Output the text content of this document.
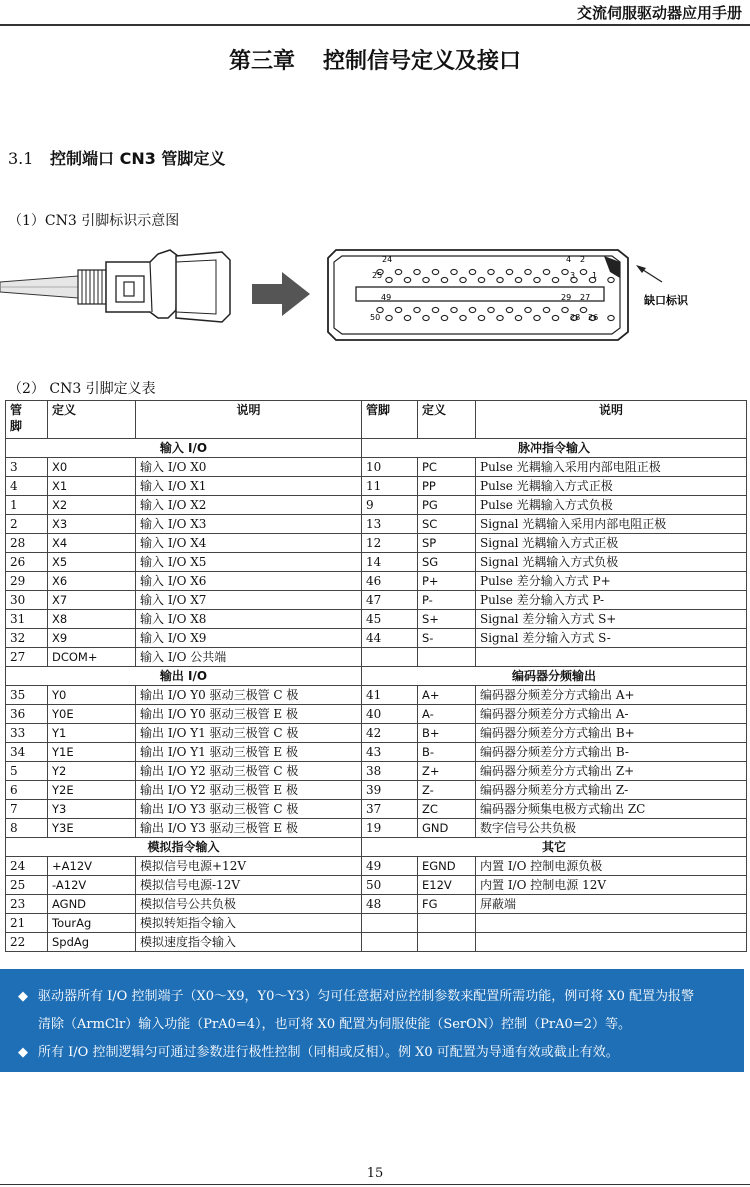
交流伺服驱动器应用手册
第三章 控制信号定义及接口
3.1 控制端口 CN3 管脚定义
（1）CN3 引脚标识示意图
24	4 2
25	3 1
49	29 27
50	28 26
缺口标识
（2） CN3 引脚定义表
管
脚	定义	说明	管脚	定义	说明
输入 I/O			脉冲指令输入		
3	X0	输入 I/O X0	10	PC	Pulse 光耦输入采用内部电阻正极
4	X1	输入 I/O X1	11	PP	Pulse 光耦输入方式正极
1	X2	输入 I/O X2	9	PG	Pulse 光耦输入方式负极
2	X3	输入 I/O X3	13	SC	Signal 光耦输入采用内部电阻正极
28	X4	输入 I/O X4	12	SP	Signal 光耦输入方式正极
26	X5	输入 I/O X5	14	SG	Signal 光耦输入方式负极
29	X6	输入 I/O X6	46	P+	Pulse 差分输入方式 P+
30	X7	输入 I/O X7	47	P-	Pulse 差分输入方式 P-
31	X8	输入 I/O X8	45	S+	Signal 差分输入方式 S+
32	X9	输入 I/O X9	44	S-	Signal 差分输入方式 S-
27	DCOM+	输入 I/O 公共端			
输出 I/O			编码器分频输出		
35	Y0	输出 I/O Y0 驱动三极管 C 极	41	A+	编码器分频差分方式输出 A+
36	Y0E	输出 I/O Y0 驱动三极管 E 极	40	A-	编码器分频差分方式输出 A-
33	Y1	输出 I/O Y1 驱动三极管 C 极	42	B+	编码器分频差分方式输出 B+
34	Y1E	输出 I/O Y1 驱动三极管 E 极	43	B-	编码器分频差分方式输出 B-
5	Y2	输出 I/O Y2 驱动三极管 C 极	38	Z+	编码器分频差分方式输出 Z+
6	Y2E	输出 I/O Y2 驱动三极管 E 极	39	Z-	编码器分频差分方式输出 Z-
7	Y3	输出 I/O Y3 驱动三极管 C 极	37	ZC	编码器分频集电极方式输出 ZC
8	Y3E	输出 I/O Y3 驱动三极管 E 极	19	GND	数字信号公共负极
模拟指令输入			其它		
24	+A12V	模拟信号电源+12V	49	EGND	内置 I/O 控制电源负极
25	-A12V	模拟信号电源-12V	50	E12V	内置 I/O 控制电源 12V
23	AGND	模拟信号公共负极	48	FG	屏蔽端
21	TourAg	模拟转矩指令输入			
22	SpdAg	模拟速度指令输入			
◆ 驱动器所有 I/O 控制端子（X0～X9，Y0～Y3）匀可任意据对应控制参数来配置所需功能，例可将 X0 配置为报警
清除（ArmClr）输入功能（PrA0=4），也可将 X0 配置为伺服使能（SerON）控制（PrA0=2）等。
◆ 所有 I/O 控制逻辑匀可通过参数进行极性控制（同相或反相）。例 X0 可配置为导通有效或截止有效。
15
